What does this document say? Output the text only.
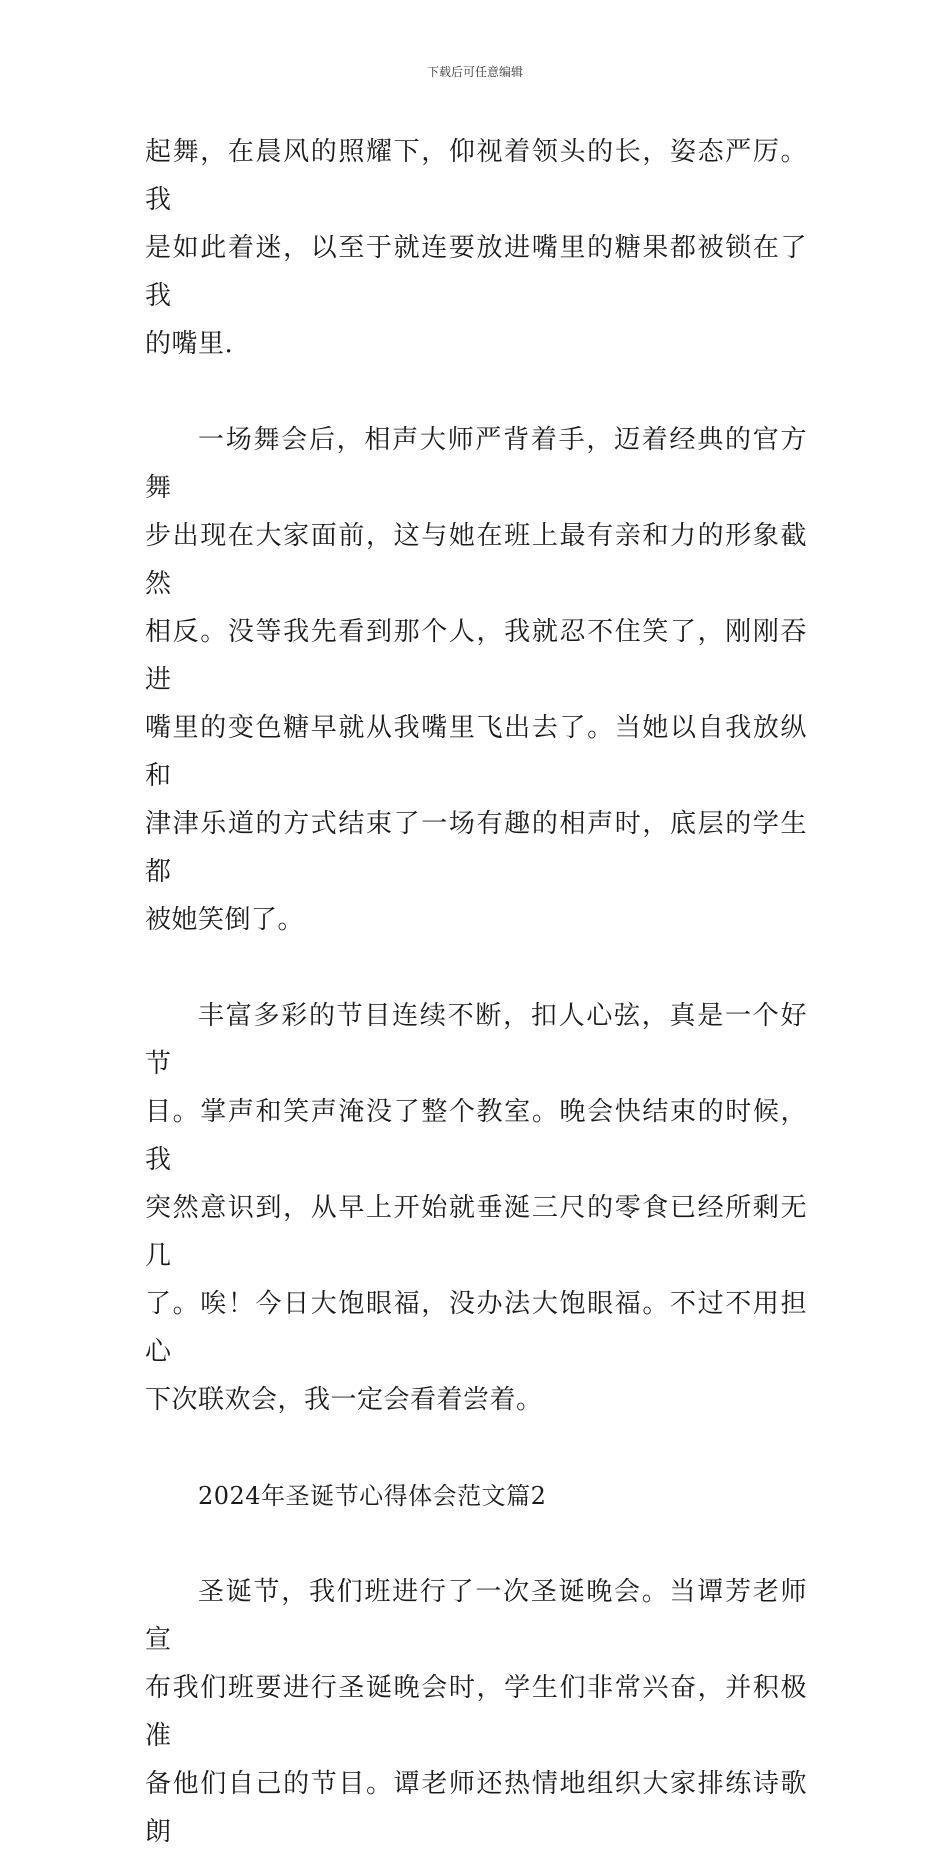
下载后可任意编辑

起舞，在晨风的照耀下，仰视着领头的长，姿态严厉。我
是如此着迷，以至于就连要放进嘴里的糖果都被锁在了我
的嘴里.

一场舞会后，相声大师严背着手，迈着经典的官方舞
步出现在大家面前，这与她在班上最有亲和力的形象截然
相反。没等我先看到那个人，我就忍不住笑了，刚刚吞进
嘴里的变色糖早就从我嘴里飞出去了。当她以自我放纵和
津津乐道的方式结束了一场有趣的相声时，底层的学生都
被她笑倒了。

丰富多彩的节目连续不断，扣人心弦，真是一个好节
目。掌声和笑声淹没了整个教室。晚会快结束的时候，我
突然意识到，从早上开始就垂涎三尺的零食已经所剩无几
了。唉！今日大饱眼福，没办法大饱眼福。不过不用担心
下次联欢会，我一定会看着尝着。

2024年圣诞节心得体会范文篇2

圣诞节，我们班进行了一次圣诞晚会。当谭芳老师宣
布我们班要进行圣诞晚会时，学生们非常兴奋，并积极准
备他们自己的节目。谭老师还热情地组织大家排练诗歌朗
